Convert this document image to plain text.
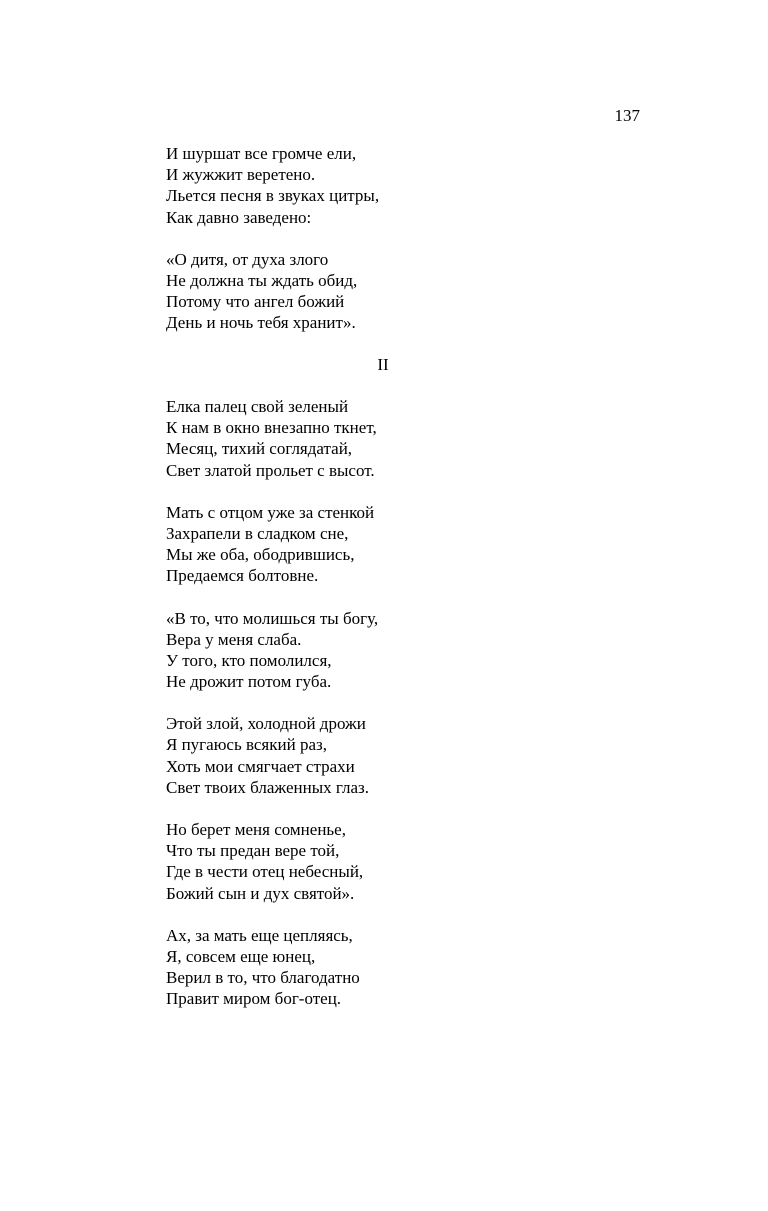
137
И шуршат все громче ели,
И жужжит веретено.
Льется песня в звуках цитры,
Как давно заведено:
«О дитя, от духа злого
Не должна ты ждать обид,
Потому что ангел божий
День и ночь тебя хранит».
II
Елка палец свой зеленый
К нам в окно внезапно ткнет,
Месяц, тихий соглядатай,
Свет златой прольет с высот.
Мать с отцом уже за стенкой
Захрапели в сладком сне,
Мы же оба, ободрившись,
Предаемся болтовне.
«В то, что молишься ты богу,
Вера у меня слаба.
У того, кто помолился,
Не дрожит потом губа.
Этой злой, холодной дрожи
Я пугаюсь всякий раз,
Хоть мои смягчает страхи
Свет твоих блаженных глаз.
Но берет меня сомненье,
Что ты предан вере той,
Где в чести отец небесный,
Божий сын и дух святой».
Ах, за мать еще цепляясь,
Я, совсем еще юнец,
Верил в то, что благодатно
Правит миром бог-отец.
